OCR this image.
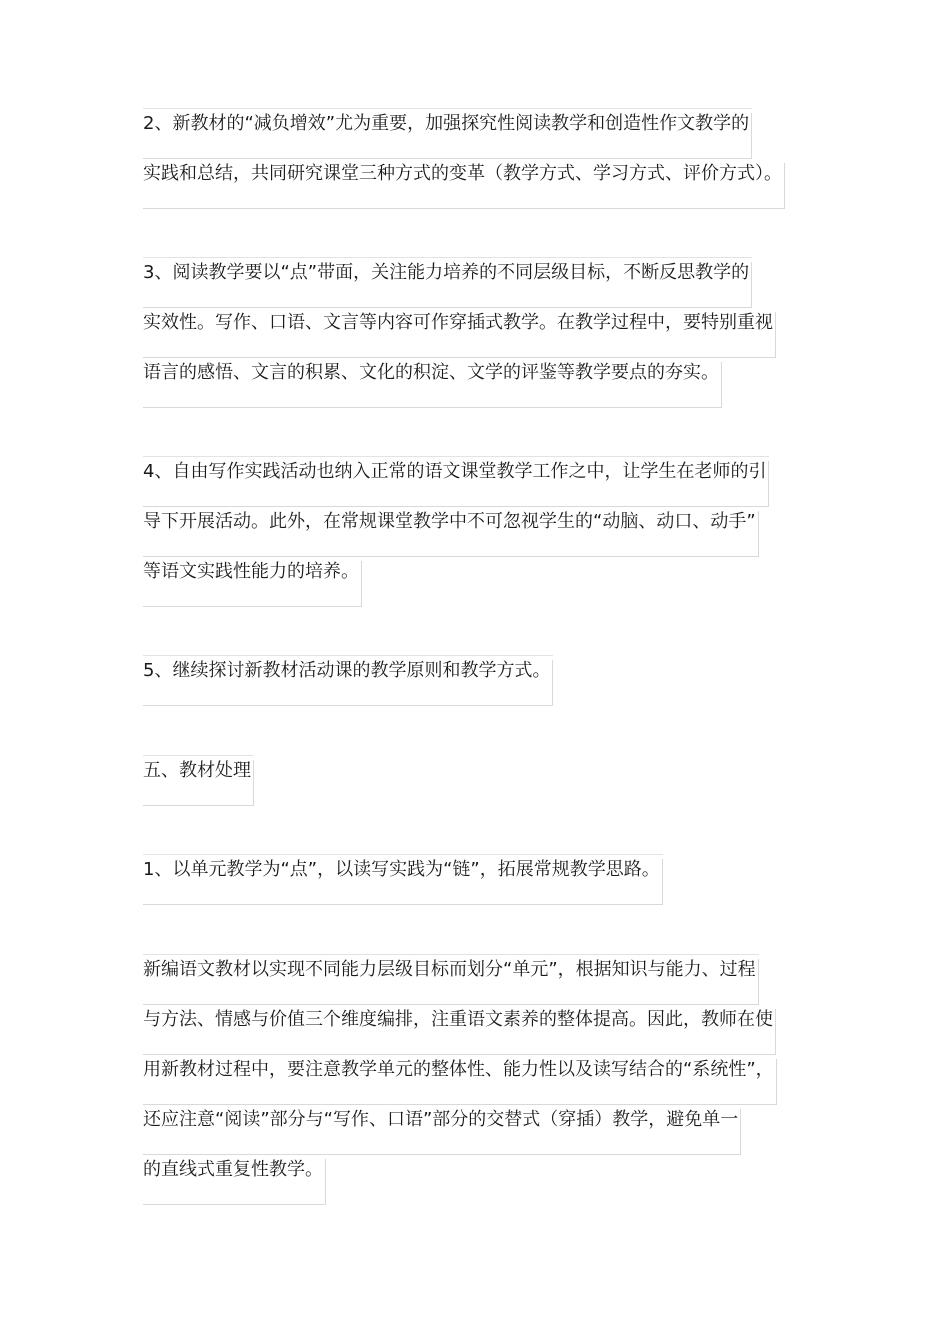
2、新教材的“减负增效”尤为重要，加强探究性阅读教学和创造性作文教学的
实践和总结，共同研究课堂三种方式的变革（教学方式、学习方式、评价方式）。
3、阅读教学要以“点”带面，关注能力培养的不同层级目标，不断反思教学的
实效性。写作、口语、文言等内容可作穿插式教学。在教学过程中，要特别重视
语言的感悟、文言的积累、文化的积淀、文学的评鉴等教学要点的夯实。
4、自由写作实践活动也纳入正常的语文课堂教学工作之中，让学生在老师的引
导下开展活动。此外，在常规课堂教学中不可忽视学生的“动脑、动口、动手”
等语文实践性能力的培养。
5、继续探讨新教材活动课的教学原则和教学方式。
五、教材处理
1、以单元教学为“点”，以读写实践为“链”，拓展常规教学思路。
新编语文教材以实现不同能力层级目标而划分“单元”，根据知识与能力、过程
与方法、情感与价值三个维度编排，注重语文素养的整体提高。因此，教师在使
用新教材过程中，要注意教学单元的整体性、能力性以及读写结合的“系统性”，
还应注意“阅读”部分与“写作、口语”部分的交替式（穿插）教学，避免单一
的直线式重复性教学。
